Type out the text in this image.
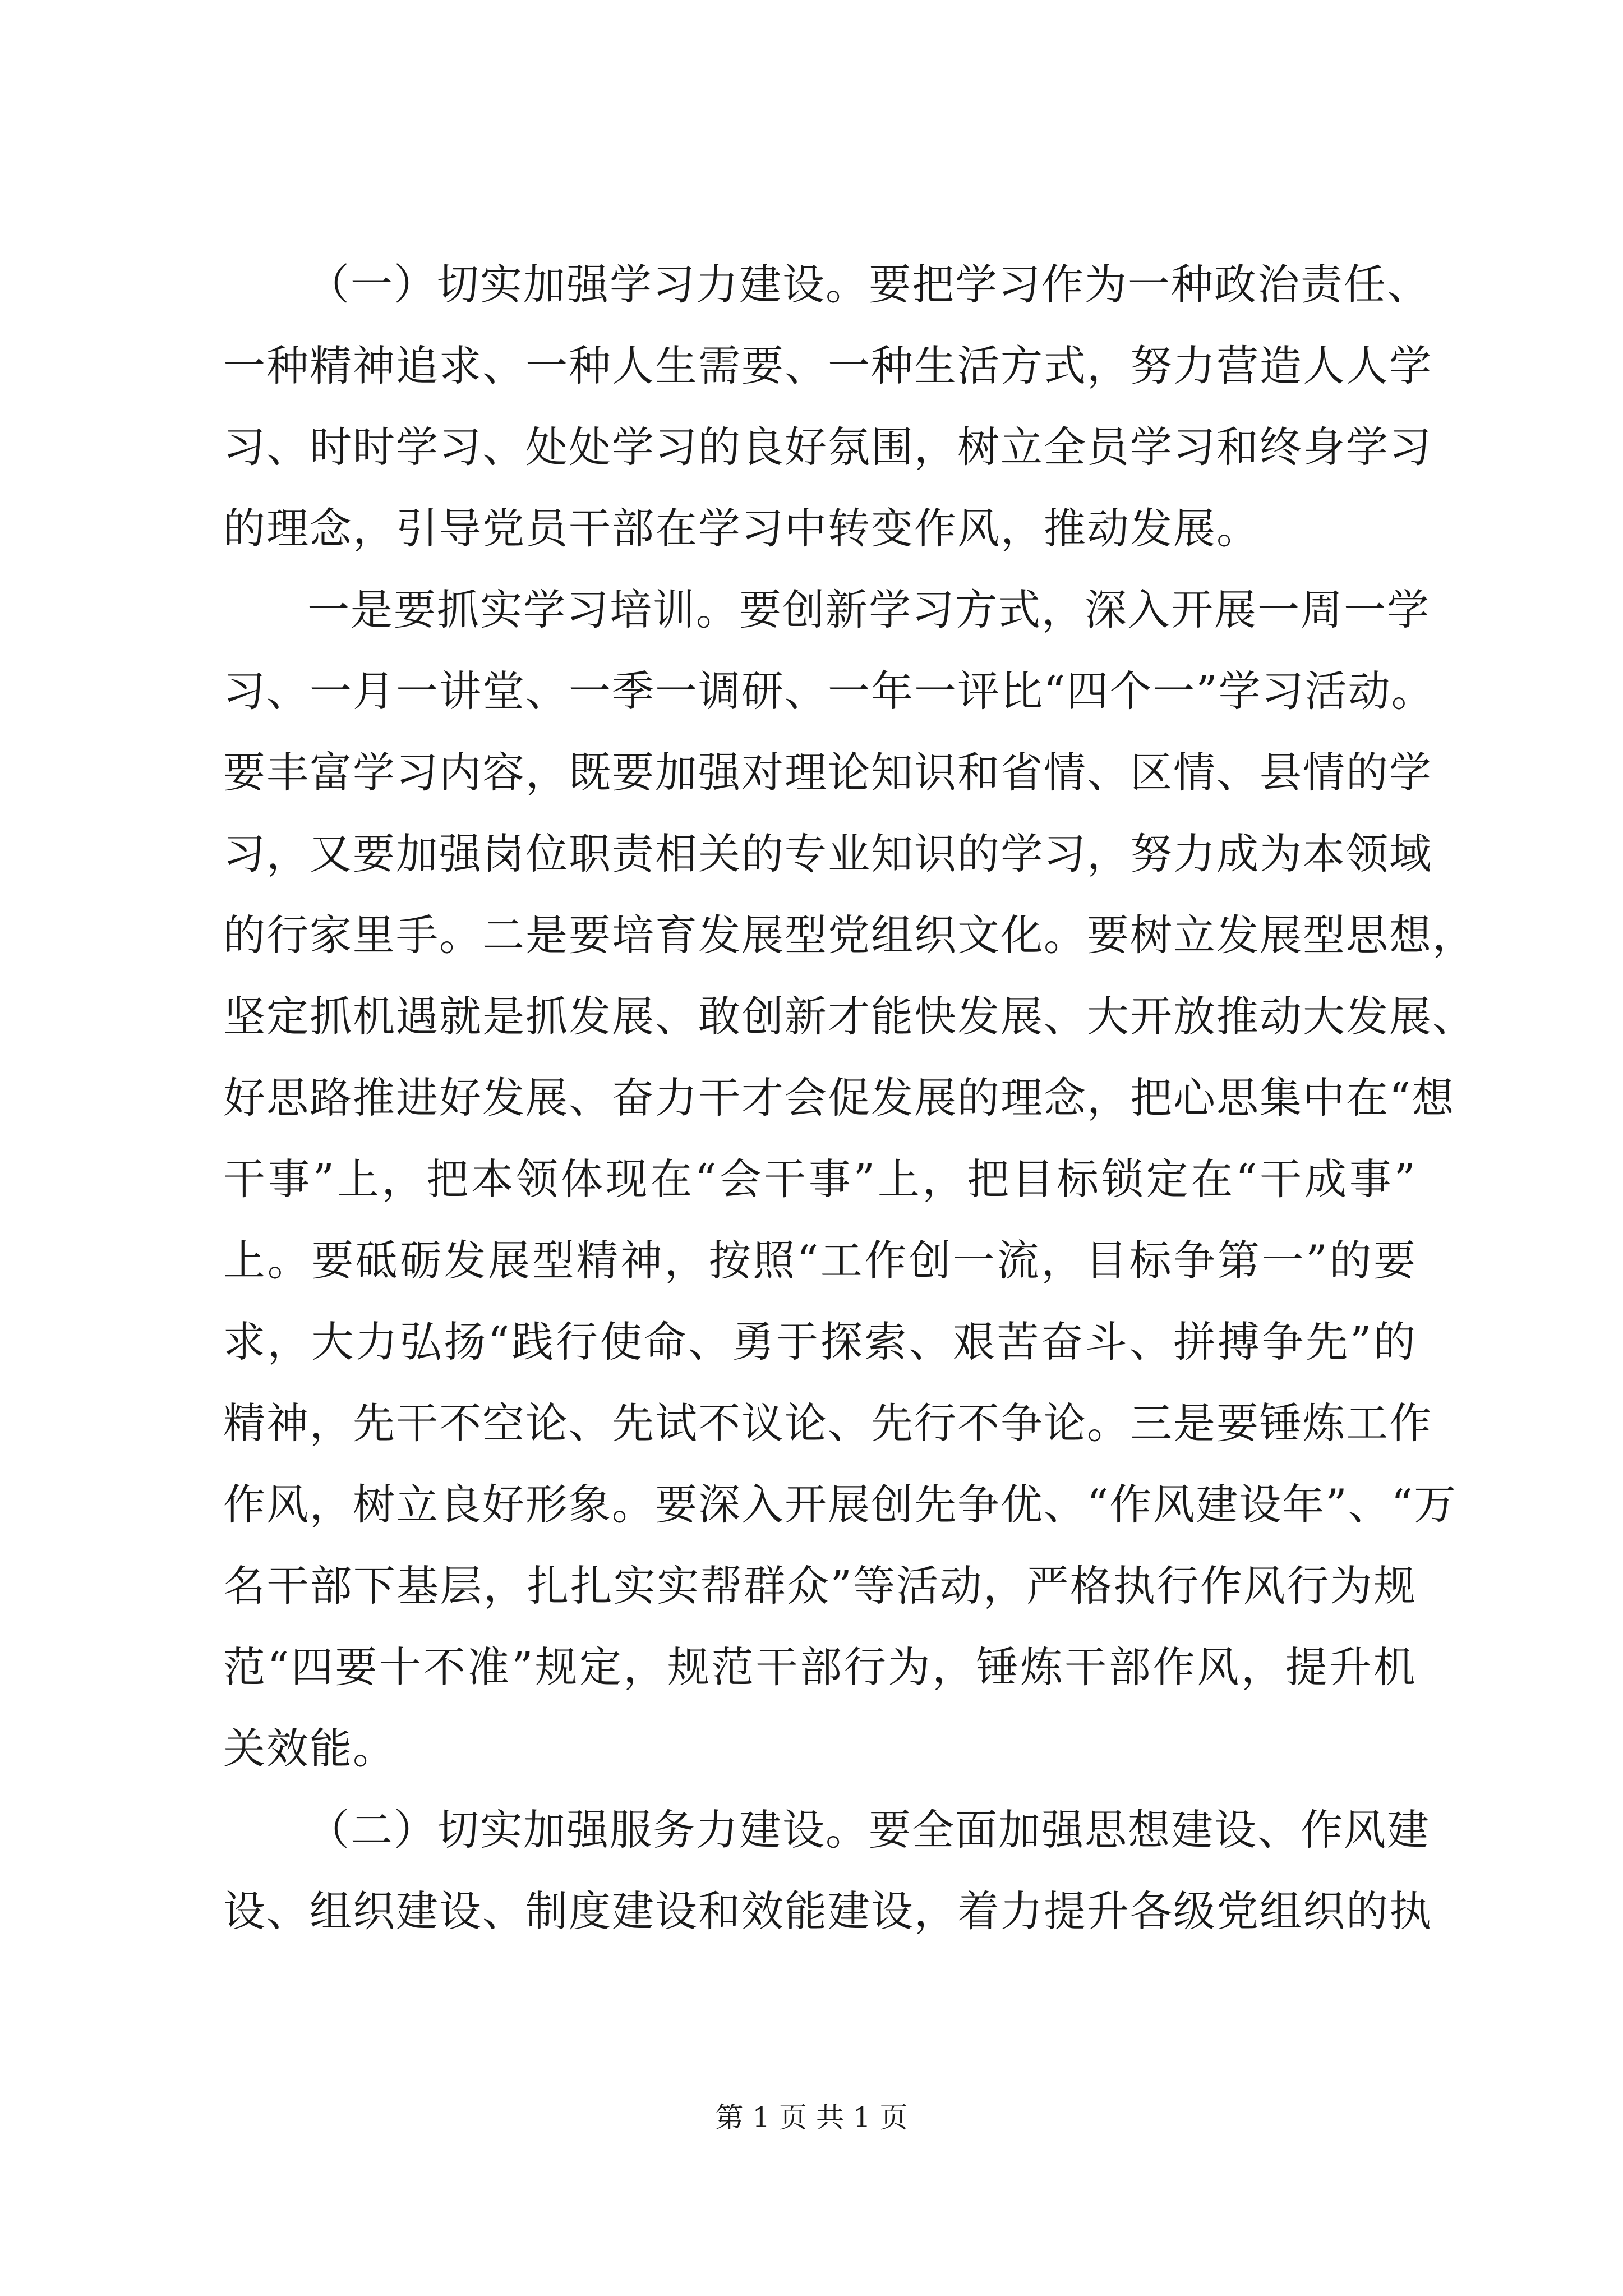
（一）切实加强学习力建设。要把学习作为一种政治责任、
一种精神追求、一种人生需要、一种生活方式，努力营造人人学
习、时时学习、处处学习的良好氛围，树立全员学习和终身学习
的理念，引导党员干部在学习中转变作风，推动发展。
一是要抓实学习培训。要创新学习方式，深入开展一周一学
习、一月一讲堂、一季一调研、一年一评比“四个一”学习活动。
要丰富学习内容，既要加强对理论知识和省情、区情、县情的学
习，又要加强岗位职责相关的专业知识的学习，努力成为本领域
的行家里手。二是要培育发展型党组织文化。要树立发展型思想，
坚定抓机遇就是抓发展、敢创新才能快发展、大开放推动大发展、
好思路推进好发展、奋力干才会促发展的理念，把心思集中在“想
干事”上，把本领体现在“会干事”上，把目标锁定在“干成事”
上。要砥砺发展型精神，按照“工作创一流，目标争第一”的要
求，大力弘扬“践行使命、勇于探索、艰苦奋斗、拼搏争先”的
精神，先干不空论、先试不议论、先行不争论。三是要锤炼工作
作风，树立良好形象。要深入开展创先争优、“作风建设年”、“万
名干部下基层，扎扎实实帮群众”等活动，严格执行作风行为规
范“四要十不准”规定，规范干部行为，锤炼干部作风，提升机
关效能。
（二）切实加强服务力建设。要全面加强思想建设、作风建
设、组织建设、制度建设和效能建设，着力提升各级党组织的执
第 1 页 共 1 页
